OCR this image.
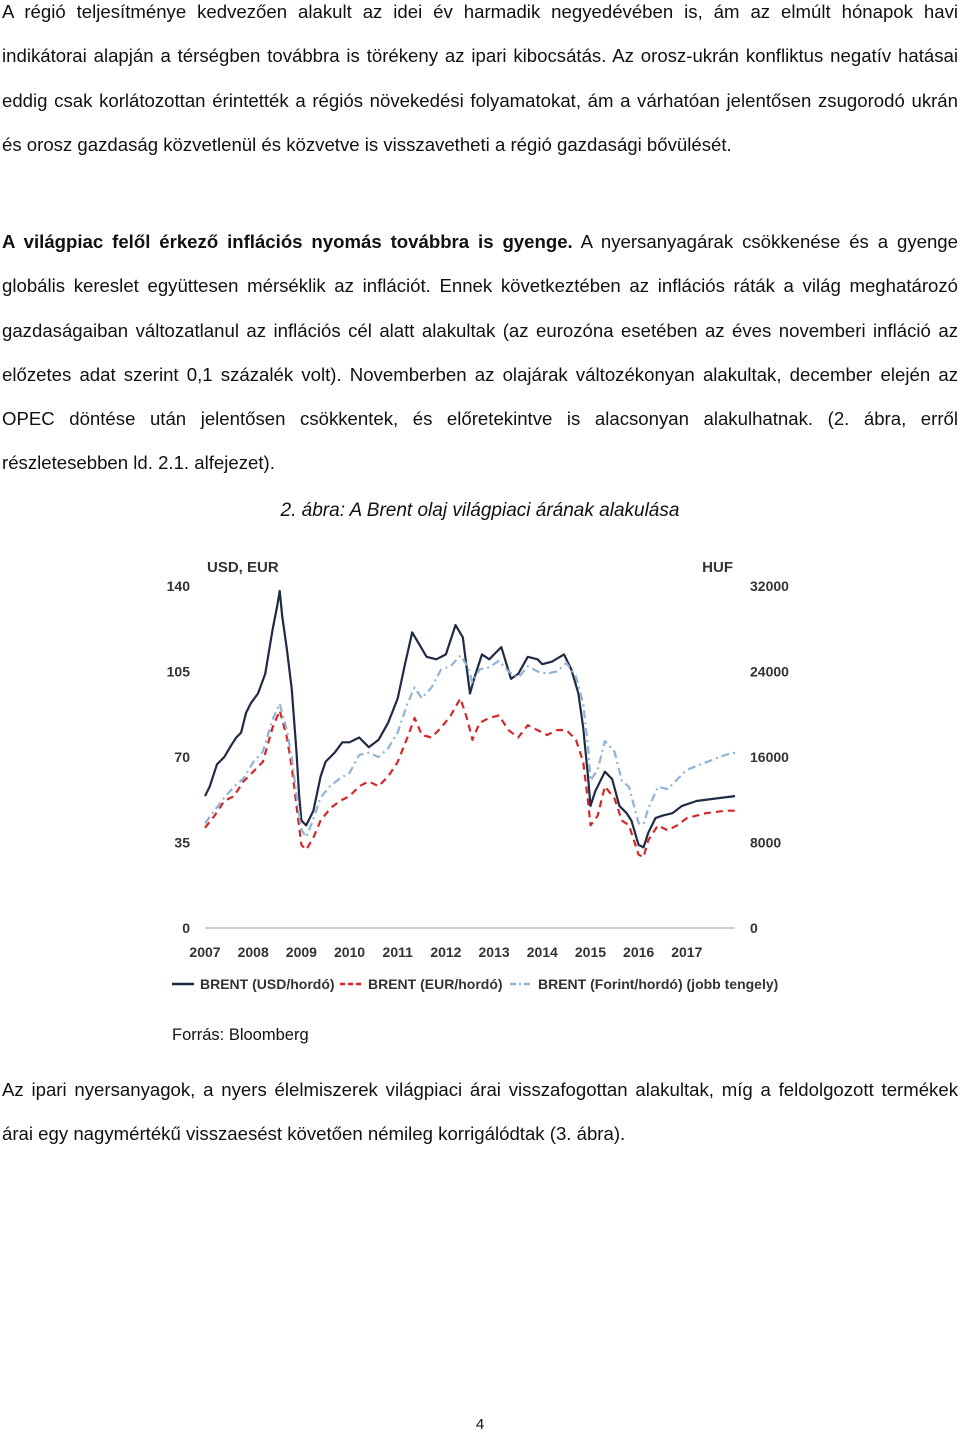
A régió teljesítménye kedvezően alakult az idei év harmadik negyedévében is, ám az elmúlt hónapok havi indikátorai alapján a térségben továbbra is törékeny az ipari kibocsátás. Az orosz-ukrán konfliktus negatív hatásai eddig csak korlátozottan érintették a régiós növekedési folyamatokat, ám a várhatóan jelentősen zsugorodó ukrán és orosz gazdaság közvetlenül és közvetve is visszavetheti a régió gazdasági bővülését.

A világpiac felől érkező inflációs nyomás továbbra is gyenge. A nyersanyagárak csökkenése és a gyenge globális kereslet együttesen mérséklik az inflációt. Ennek következtében az inflációs ráták a világ meghatározó gazdaságaiban változatlanul az inflációs cél alatt alakultak (az eurozóna esetében az éves novemberi infláció az előzetes adat szerint 0,1 százalék volt). Novemberben az olajárak változékonyan alakultak, december elején az OPEC döntése után jelentősen csökkentek, és előretekintve is alacsonyan alakulhatnak. (2. ábra, erről részletesebben ld. 2.1. alfejezet).

2. ábra: A Brent olaj világpiaci árának alakulása

USD, EUR	HUF
140
105
70
35
0
32000
24000
16000
8000
0
2007 2008 2009 2010 2011 2012 2013 2014 2015 2016 2017
BRENT (USD/hordó) BRENT (EUR/hordó)	BRENT (Forint/hordó) (jobb tengely)
Forrás: Bloomberg

Az ipari nyersanyagok, a nyers élelmiszerek világpiaci árai visszafogottan alakultak, míg a feldolgozott termékek árai egy nagymértékű visszaesést követően némileg korrigálódtak (3. ábra).

4
